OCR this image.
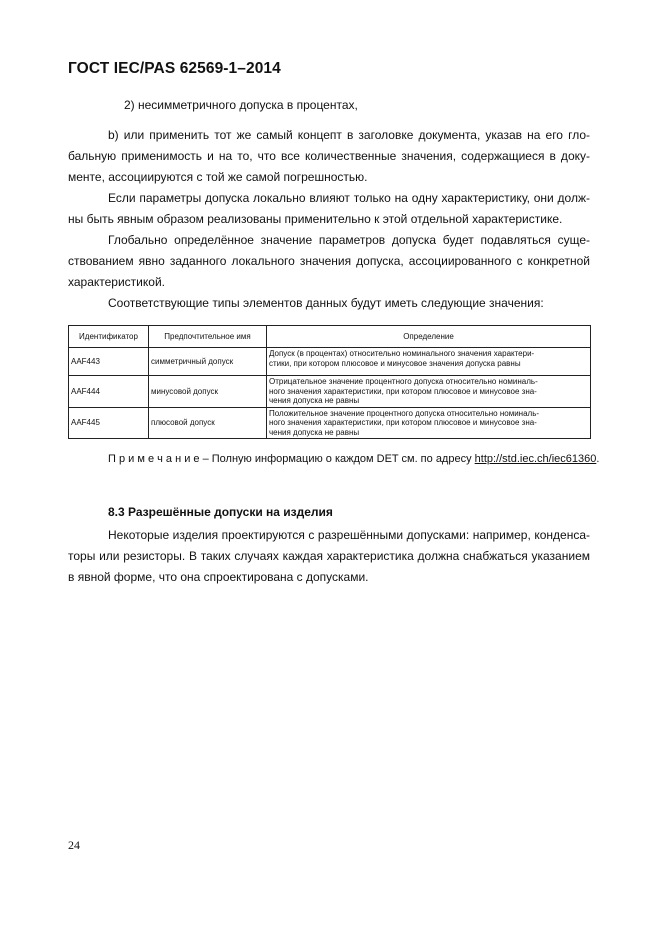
ГОСТ IEC/PAS 62569-1–2014
2) несимметричного допуска в процентах,
b) или применить тот же самый концепт в заголовке документа, указав на его гло-
бальную применимость и на то, что все количественные значения, содержащиеся в доку-
менте, ассоциируются с той же самой погрешностью.
Если параметры допуска локально влияют только на одну характеристику, они долж-
ны быть явным образом реализованы применительно к этой отдельной характеристике.
Глобально определённое значение параметров допуска будет подавляться суще-
ствованием явно заданного локального значения допуска, ассоциированного с конкретной
характеристикой.
Соответствующие типы элементов данных будут иметь следующие значения:
Идентификатор	Предпочтительное имя	Определение
AAF443	симметричный допуск	Допуск (в процентах) относительно номинального значения характери-
стики, при котором плюсовое и минусовое значения допуска равны

AAF444	минусовой допуск	Отрицательное значение процентного допуска относительно номиналь-
ного значения характеристики, при котором плюсовое и минусовое зна-
чения допуска не равны

AAF445	плюсовой допуск	Положительное значение процентного допуска относительно номиналь-
ного значения характеристики, при котором плюсовое и минусовое зна-
чения допуска не равны
П р и м е ч а н и е – Полную информацию о каждом DET см. по адресу http://std.iec.ch/iec61360.
8.3 Разрешённые допуски на изделия
Некоторые изделия проектируются с разрешёнными допусками: например, конденса-
торы или резисторы. В таких случаях каждая характеристика должна снабжаться указанием
в явной форме, что она спроектирована с допусками.
24
